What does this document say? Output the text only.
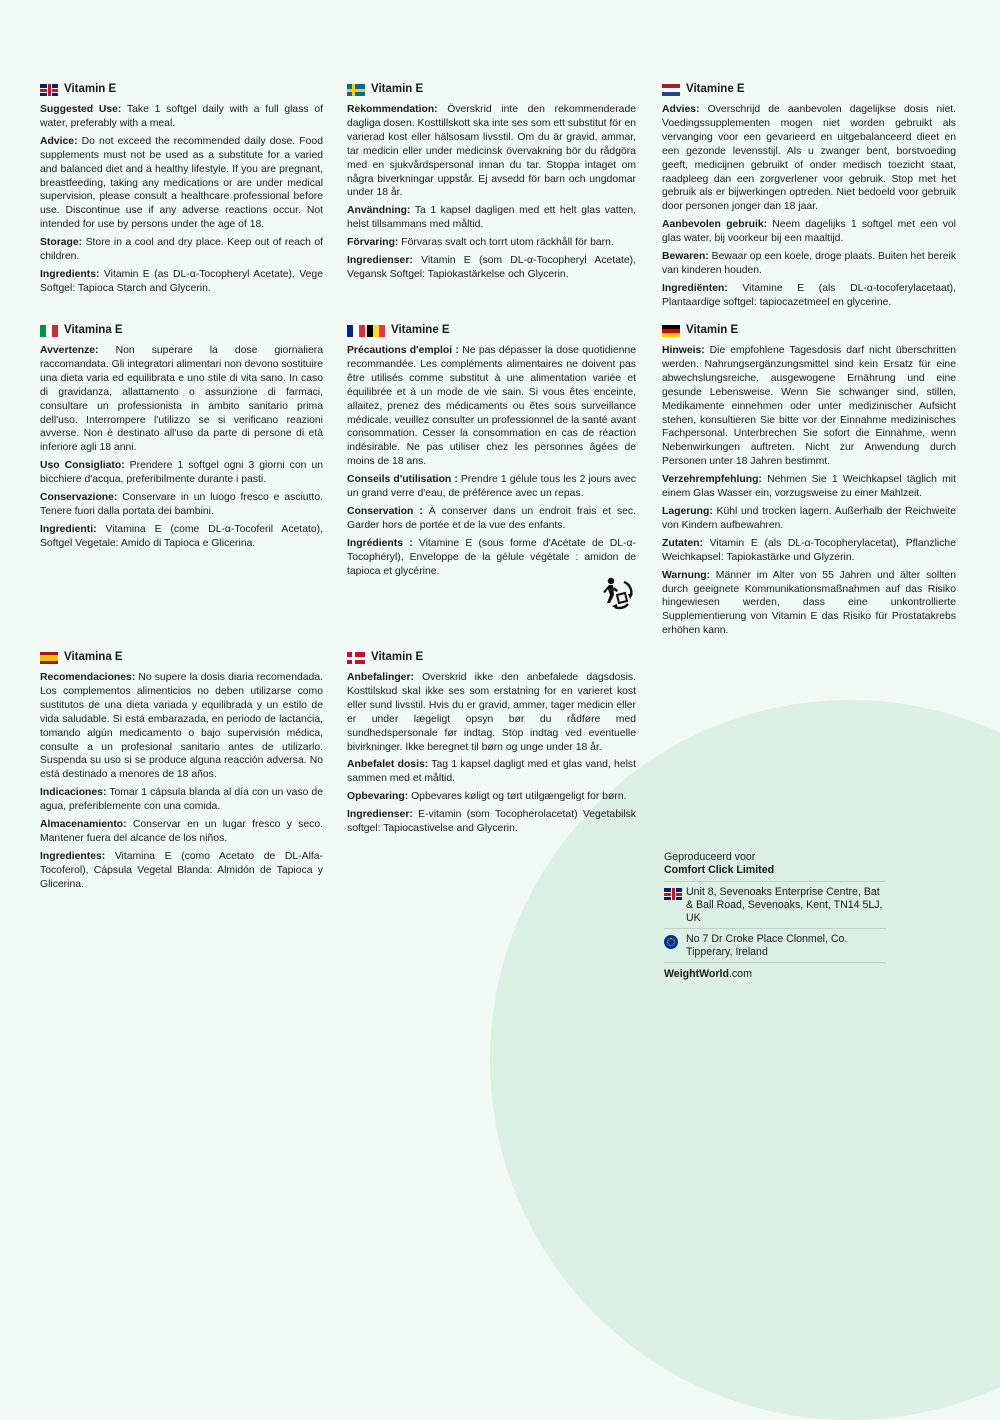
Vitamin E

Suggested Use: Take 1 softgel daily with a full glass of water, preferably with a meal.

Advice: Do not exceed the recommended daily dose. Food supplements must not be used as a substitute for a varied and balanced diet and a healthy lifestyle. If you are pregnant, breastfeeding, taking any medications or are under medical supervision, please consult a healthcare professional before use. Discontinue use if any adverse reactions occur. Not intended for use by persons under the age of 18.

Storage: Store in a cool and dry place. Keep out of reach of children.

Ingredients: Vitamin E (as DL-α-Tocopheryl Acetate), Vege Softgel: Tapioca Starch and Glycerin.

Vitamin E

Rekommendation: Överskrid inte den rekommenderade dagliga dosen. Kosttillskott ska inte ses som ett substitut för en varierad kost eller hälsosam livsstil. Om du är gravid, ammar, tar medicin eller under medicinsk övervakning bör du rådgöra med en sjukvårdspersonal innan du tar. Stoppa intaget om några biverkningar uppstår. Ej avsedd för barn och ungdomar under 18 år.

Användning: Ta 1 kapsel dagligen med ett helt glas vatten, helst tillsammans med måltid.

Förvaring: Förvaras svalt och torrt utom räckhåll för barn.

Ingredienser: Vitamin E (som DL-α-Tocopheryl Acetate), Vegansk Softgel: Tapiokastärkelse och Glycerin.

Vitamine E

Advies: Overschrijd de aanbevolen dagelijkse dosis niet. Voedingssupplementen mogen niet worden gebruikt als vervanging voor een gevarieerd en uitgebalanceerd dieet en een gezonde levensstijl. Als u zwanger bent, borstvoeding geeft, medicijnen gebruikt of onder medisch toezicht staat, raadpleeg dan een zorgverlener voor gebruik. Stop met het gebruik als er bijwerkingen optreden. Niet bedoeld voor gebruik door personen jonger dan 18 jaar.

Aanbevolen gebruik: Neem dagelijks 1 softgel met een vol glas water, bij voorkeur bij een maaltijd.

Bewaren: Bewaar op een koele, droge plaats. Buiten het bereik van kinderen houden.

Ingrediënten: Vitamine E (als DL-α-tocoferylacetaat), Plantaardige softgel: tapiocazetmeel en glycerine.

Vitamina E

Avvertenze: Non superare la dose giornaliera raccomandata. Gli integratori alimentari non devono sostituire una dieta varia ed equilibrata e uno stile di vita sano. In caso di gravidanza, allattamento o assunzione di farmaci, consultare un professionista in ambito sanitario prima dell'uso. Interrompere l'utilizzo se si verificano reazioni avverse. Non è destinato all'uso da parte di persone di età inferiore agli 18 anni.

Uso Consigliato: Prendere 1 softgel ogni 3 giorni con un bicchiere d'acqua, preferibilmente durante i pasti.

Conservazione: Conservare in un luogo fresco e asciutto. Tenere fuori dalla portata dei bambini.

Ingredienti: Vitamina E (come DL-α-Tocoferil Acetato), Softgel Vegetale: Amido di Tapioca e Glicerina.

Vitamine E

Précautions d'emploi : Ne pas dépasser la dose quotidienne recommandée. Les compléments alimentaires ne doivent pas être utilisés comme substitut à une alimentation variée et équilibrée et à un mode de vie sain. Si vous êtes enceinte, allaitez, prenez des médicaments ou êtes sous surveillance médicale, veuillez consulter un professionnel de la santé avant consommation. Cesser la consommation en cas de réaction indésirable. Ne pas utiliser chez les personnes âgées de moins de 18 ans.

Conseils d'utilisation : Prendre 1 gélule tous les 2 jours avec un grand verre d'eau, de préférence avec un repas.

Conservation : À conserver dans un endroit frais et sec. Garder hors de portée et de la vue des enfants.

Ingrédients : Vitamine E (sous forme d'Acétate de DL-α-Tocophéryl), Enveloppe de la gélule végétale : amidon de tapioca et glycérine.

Vitamin E

Hinweis: Die empfohlene Tagesdosis darf nicht überschritten werden. Nahrungsergänzungsmittel sind kein Ersatz für eine abwechslungsreiche, ausgewogene Ernährung und eine gesunde Lebensweise. Wenn Sie schwanger sind, stillen, Medikamente einnehmen oder unter medizinischer Aufsicht stehen, konsultieren Sie bitte vor der Einnahme medizinisches Fachpersonal. Unterbrechen Sie sofort die Einnahme, wenn Nebenwirkungen auftreten. Nicht zur Anwendung durch Personen unter 18 Jahren bestimmt.

Verzehrempfehlung: Nehmen Sie 1 Weichkapsel täglich mit einem Glas Wasser ein, vorzugsweise zu einer Mahlzeit.

Lagerung: Kühl und trocken lagern. Außerhalb der Reichweite von Kindern aufbewahren.

Zutaten: Vitamin E (als DL-α-Tocopherylacetat), Pflanzliche Weichkapsel: Tapiokastärke und Glyzerin.

Warnung: Männer im Alter von 55 Jahren und älter sollten durch geeignete Kommunikationsmaßnahmen auf das Risiko hingewiesen werden, dass eine unkontrollierte Supplementierung von Vitamin E das Risiko für Prostatakrebs erhöhen kann.

Vitamina E

Recomendaciones: No supere la dosis diaria recomendada. Los complementos alimenticios no deben utilizarse como sustitutos de una dieta variada y equilibrada y un estilo de vida saludable. Si está embarazada, en periodo de lactancia, tomando algún medicamento o bajo supervisión médica, consulte a un profesional sanitario antes de utilizarlo. Suspenda su uso si se produce alguna reacción adversa. No está destinado a menores de 18 años.

Indicaciones: Tomar 1 cápsula blanda al día con un vaso de agua, preferiblemente con una comida.

Almacenamiento: Conservar en un lugar fresco y seco. Mantener fuera del alcance de los niños.

Ingredientes: Vitamina E (como Acetato de DL-Alfa-Tocoferol), Cápsula Vegetal Blanda: Almidón de Tapioca y Glicerina.

Vitamin E

Anbefalinger: Overskrid ikke den anbefalede dagsdosis. Kosttilskud skal ikke ses som erstatning for en varieret kost eller sund livsstil. Hvis du er gravid, ammer, tager medicin eller er under lægeligt opsyn bør du rådføre med sundhedspersonale før indtag. Stop indtag ved eventuelle bivirkninger. Ikke beregnet til børn og unge under 18 år.

Anbefalet dosis: Tag 1 kapsel dagligt med et glas vand, helst sammen med et måltid.

Opbevaring: Opbevares køligt og tørt utilgængeligt for børn.

Ingredienser: E-vitamin (som Tocopherolacetat) Vegetabilsk softgel: Tapiocastivelse and Glycerin.

Geproduceerd voor
Comfort Click Limited
Unit 8, Sevenoaks Enterprise Centre, Bat & Ball Road, Sevenoaks, Kent, TN14 5LJ, UK
No 7 Dr Croke Place Clonmel, Co. Tipperary, Ireland
WeightWorld.com
